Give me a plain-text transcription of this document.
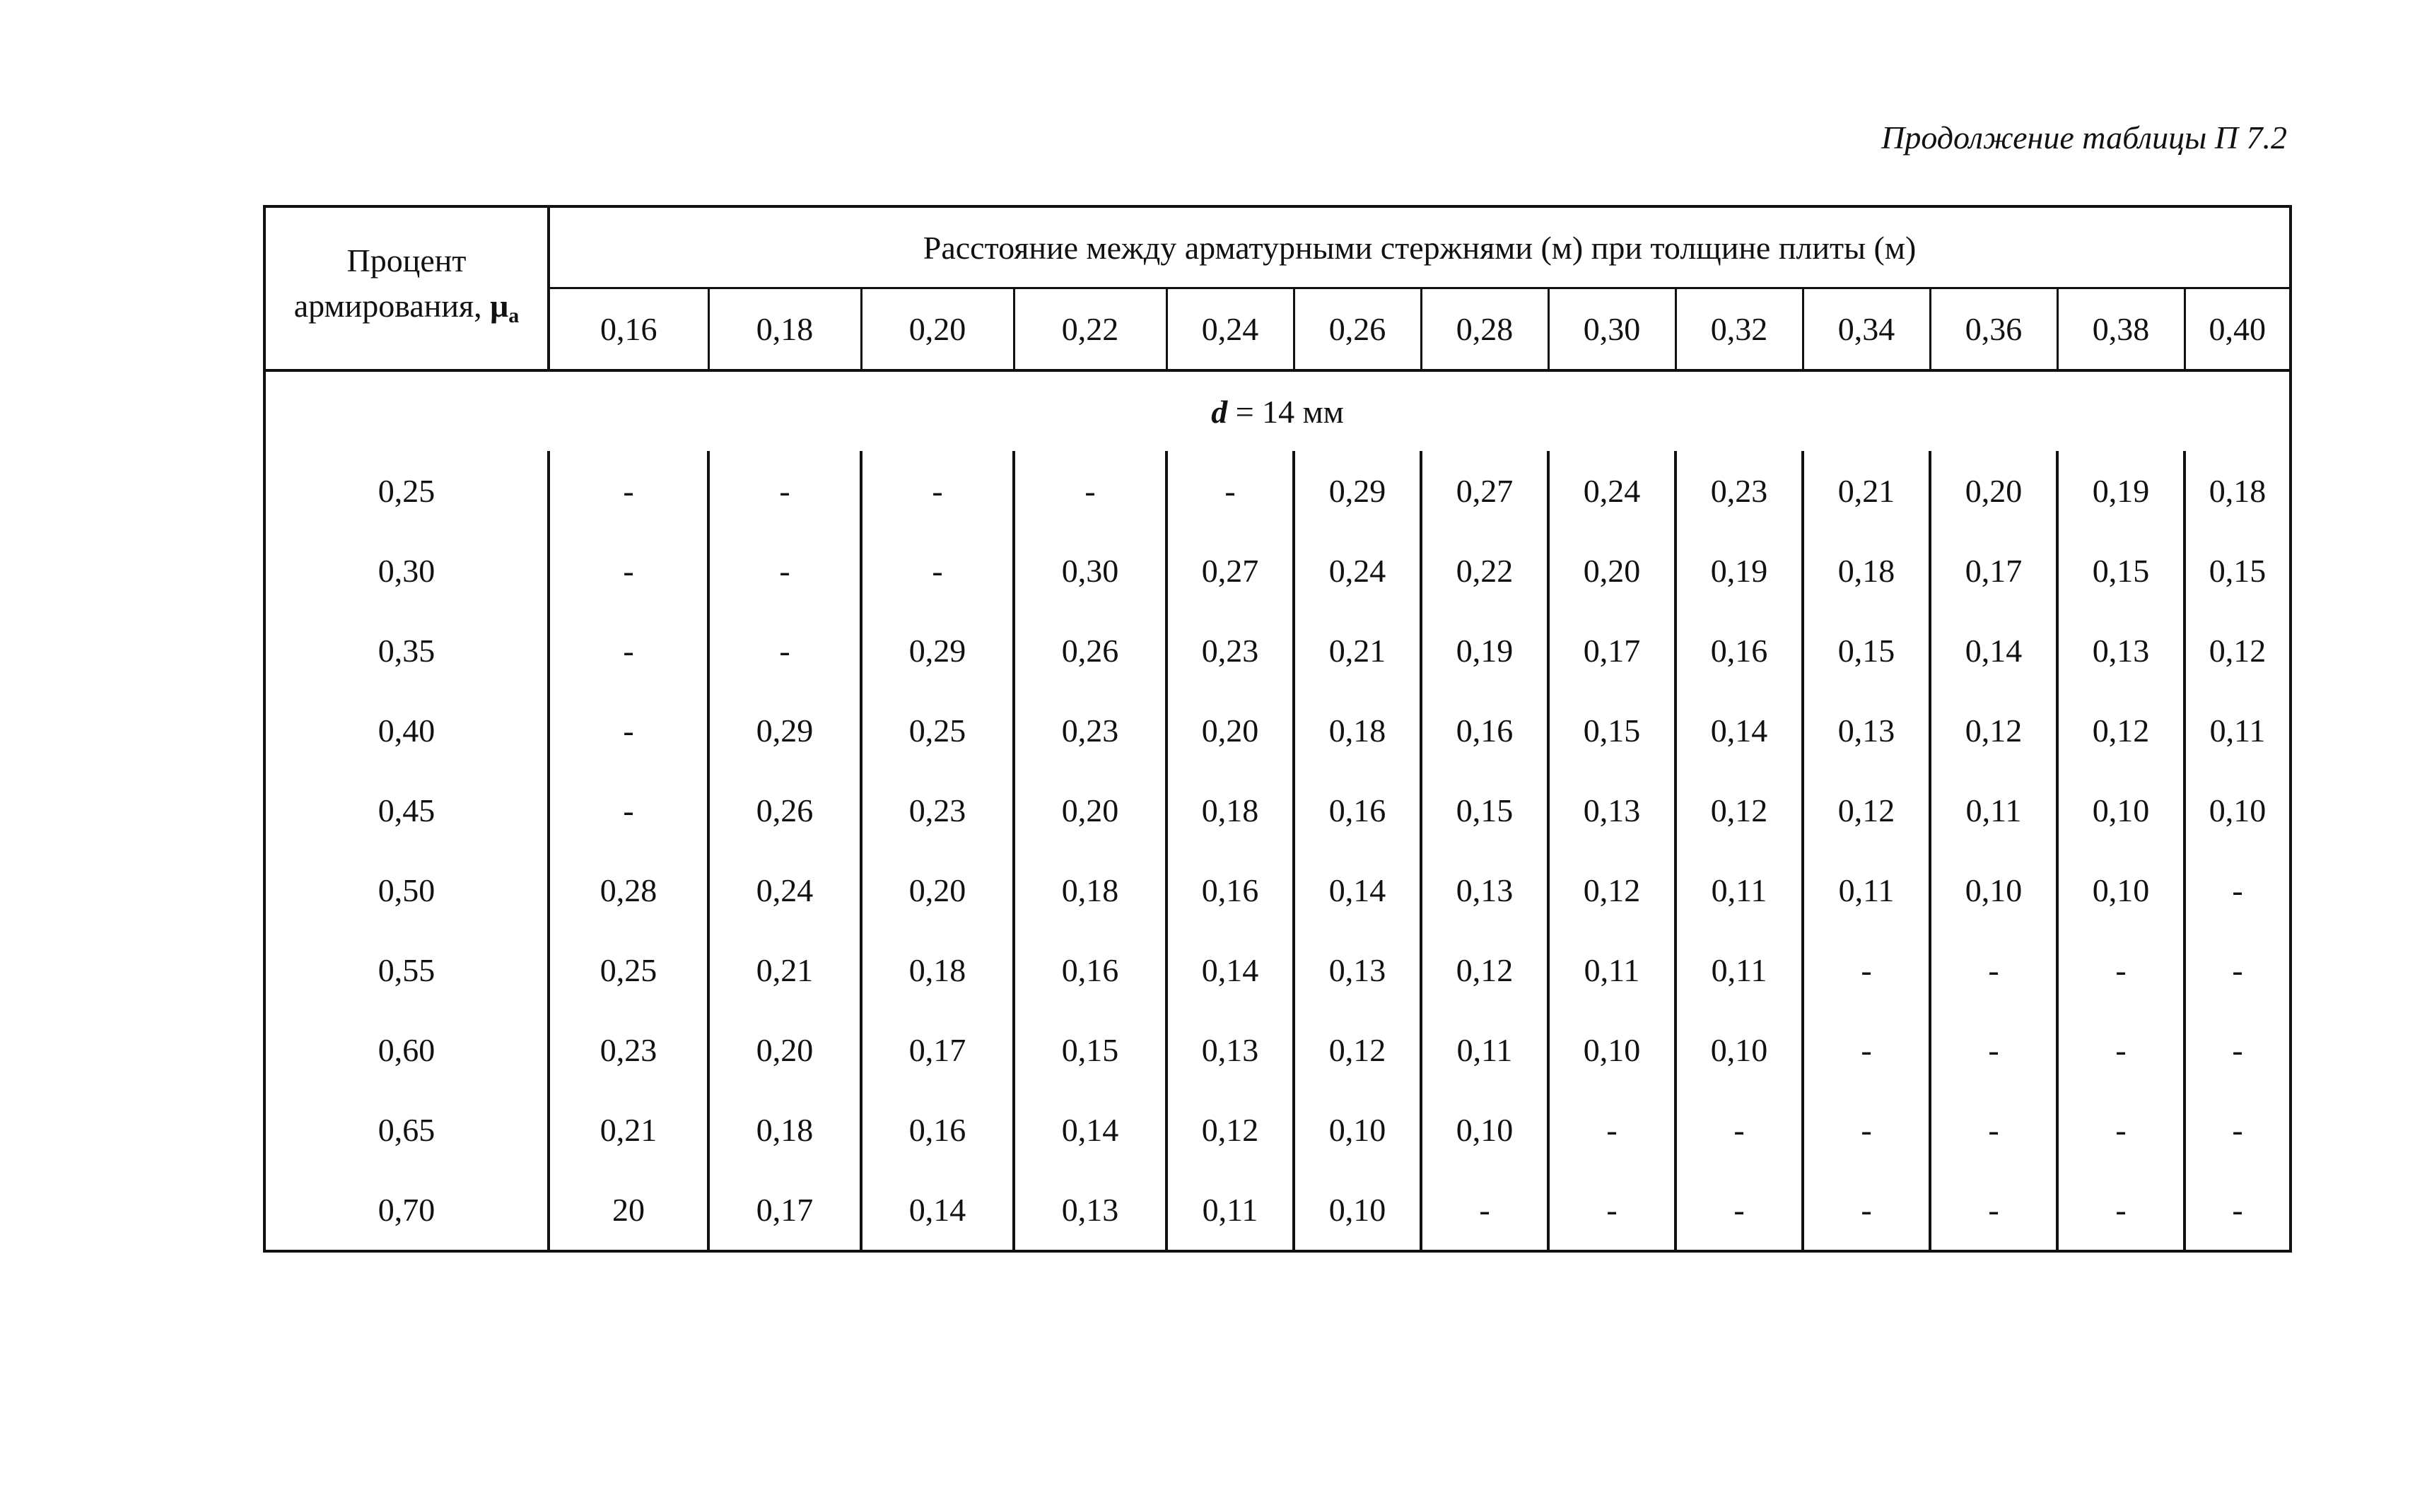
Продолжение таблицы П 7.2
Процент
армирования, μa	Расстояние между арматурными стержнями (м) при толщине плиты (м)												
	0,16	0,18	0,20	0,22	0,24	0,26	0,28	0,30	0,32	0,34	0,36	0,38	0,40
d = 14 мм													
0,25	-	-	-	-	-	0,29	0,27	0,24	0,23	0,21	0,20	0,19	0,18
0,30	-	-	-	0,30	0,27	0,24	0,22	0,20	0,19	0,18	0,17	0,15	0,15
0,35	-	-	0,29	0,26	0,23	0,21	0,19	0,17	0,16	0,15	0,14	0,13	0,12
0,40	-	0,29	0,25	0,23	0,20	0,18	0,16	0,15	0,14	0,13	0,12	0,12	0,11
0,45	-	0,26	0,23	0,20	0,18	0,16	0,15	0,13	0,12	0,12	0,11	0,10	0,10
0,50	0,28	0,24	0,20	0,18	0,16	0,14	0,13	0,12	0,11	0,11	0,10	0,10	-
0,55	0,25	0,21	0,18	0,16	0,14	0,13	0,12	0,11	0,11	-	-	-	-
0,60	0,23	0,20	0,17	0,15	0,13	0,12	0,11	0,10	0,10	-	-	-	-
0,65	0,21	0,18	0,16	0,14	0,12	0,10	0,10	-	-	-	-	-	-
0,70	20	0,17	0,14	0,13	0,11	0,10	-	-	-	-	-	-	-
